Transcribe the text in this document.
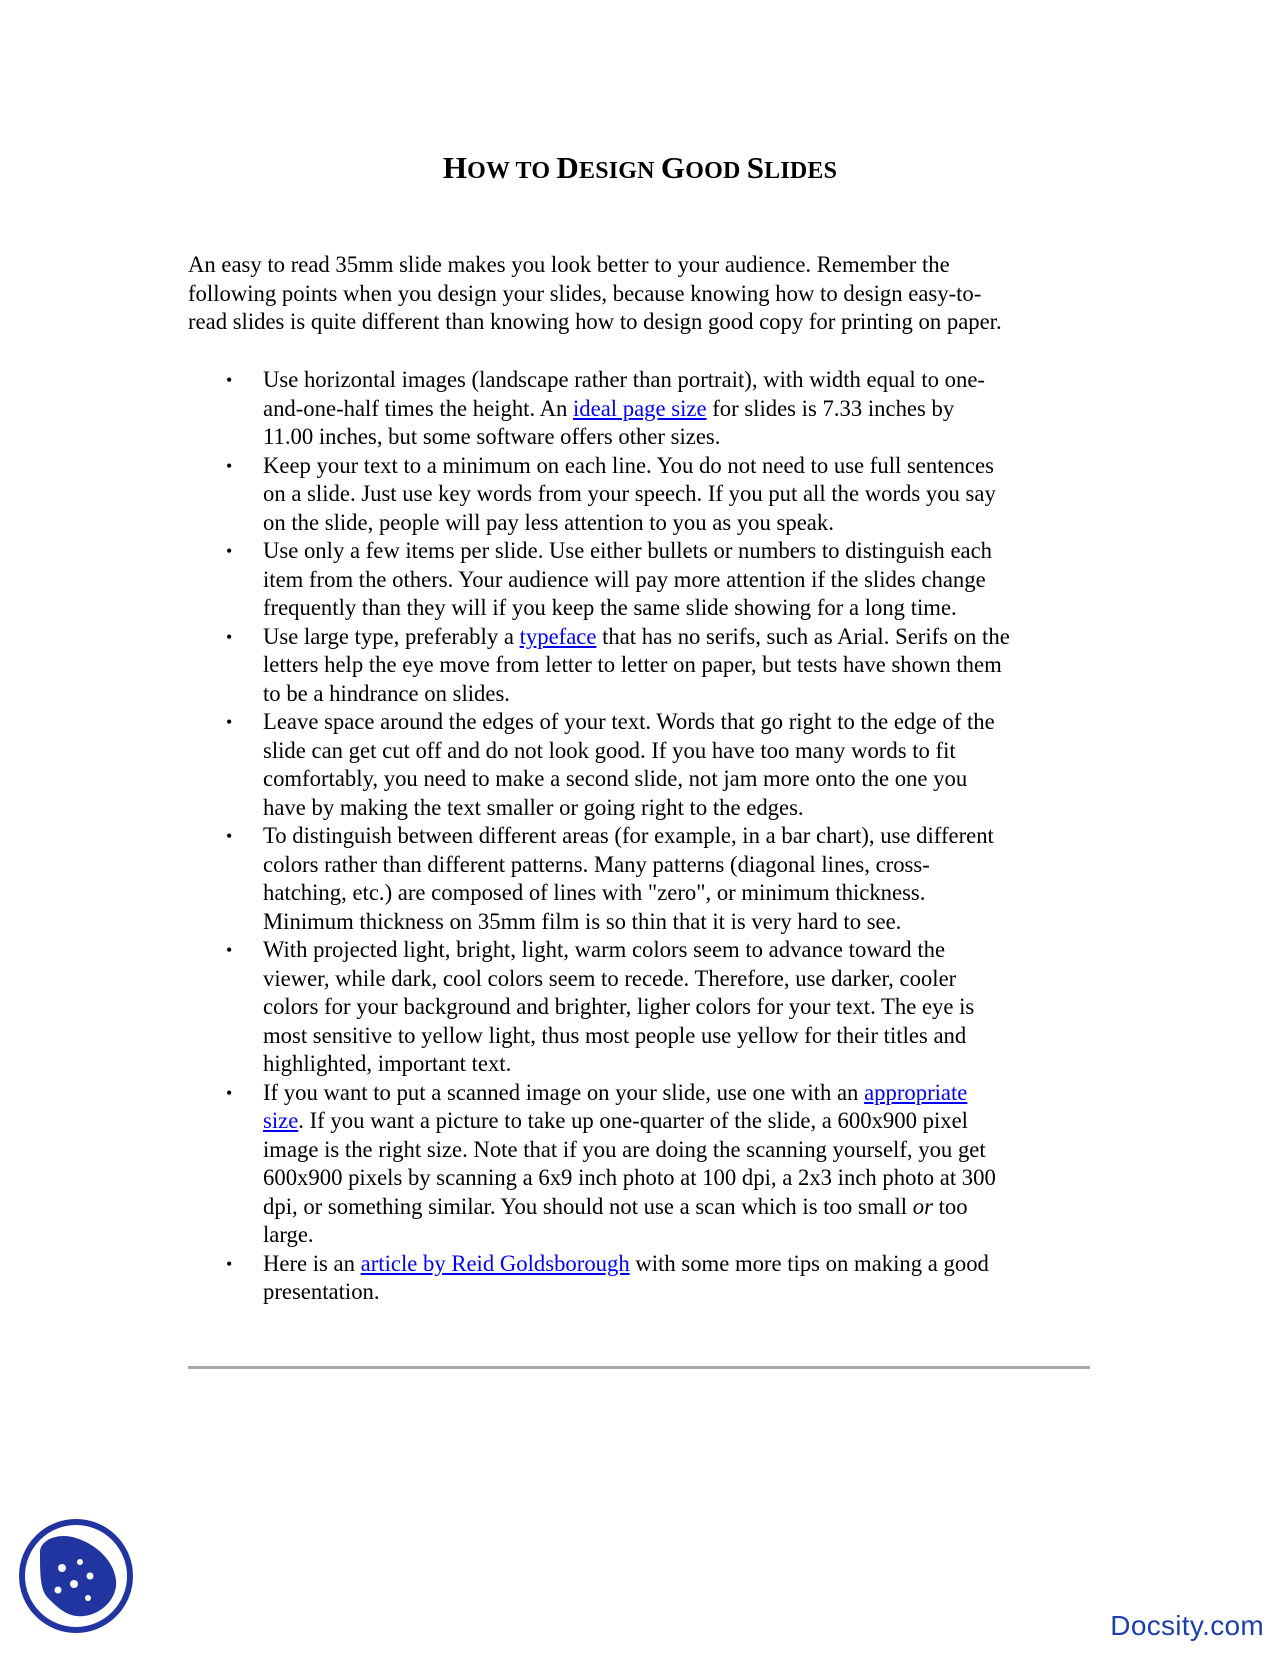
HOW TO DESIGN GOOD SLIDES

An easy to read 35mm slide makes you look better to your audience. Remember the
following points when you design your slides, because knowing how to design easy-to-
read slides is quite different than knowing how to design good copy for printing on paper.

• Use horizontal images (landscape rather than portrait), with width equal to one-
and-one-half times the height. An ideal page size for slides is 7.33 inches by
11.00 inches, but some software offers other sizes.
• Keep your text to a minimum on each line. You do not need to use full sentences
on a slide. Just use key words from your speech. If you put all the words you say
on the slide, people will pay less attention to you as you speak.
• Use only a few items per slide. Use either bullets or numbers to distinguish each
item from the others. Your audience will pay more attention if the slides change
frequently than they will if you keep the same slide showing for a long time.
• Use large type, preferably a typeface that has no serifs, such as Arial. Serifs on the
letters help the eye move from letter to letter on paper, but tests have shown them
to be a hindrance on slides.
• Leave space around the edges of your text. Words that go right to the edge of the
slide can get cut off and do not look good. If you have too many words to fit
comfortably, you need to make a second slide, not jam more onto the one you
have by making the text smaller or going right to the edges.
• To distinguish between different areas (for example, in a bar chart), use different
colors rather than different patterns. Many patterns (diagonal lines, cross-
hatching, etc.) are composed of lines with "zero", or minimum thickness.
Minimum thickness on 35mm film is so thin that it is very hard to see.
• With projected light, bright, light, warm colors seem to advance toward the
viewer, while dark, cool colors seem to recede. Therefore, use darker, cooler
colors for your background and brighter, ligher colors for your text. The eye is
most sensitive to yellow light, thus most people use yellow for their titles and
highlighted, important text.
• If you want to put a scanned image on your slide, use one with an appropriate
size. If you want a picture to take up one-quarter of the slide, a 600x900 pixel
image is the right size. Note that if you are doing the scanning yourself, you get
600x900 pixels by scanning a 6x9 inch photo at 100 dpi, a 2x3 inch photo at 300
dpi, or something similar. You should not use a scan which is too small or too
large.
• Here is an article by Reid Goldsborough with some more tips on making a good
presentation.
Docsity.com
